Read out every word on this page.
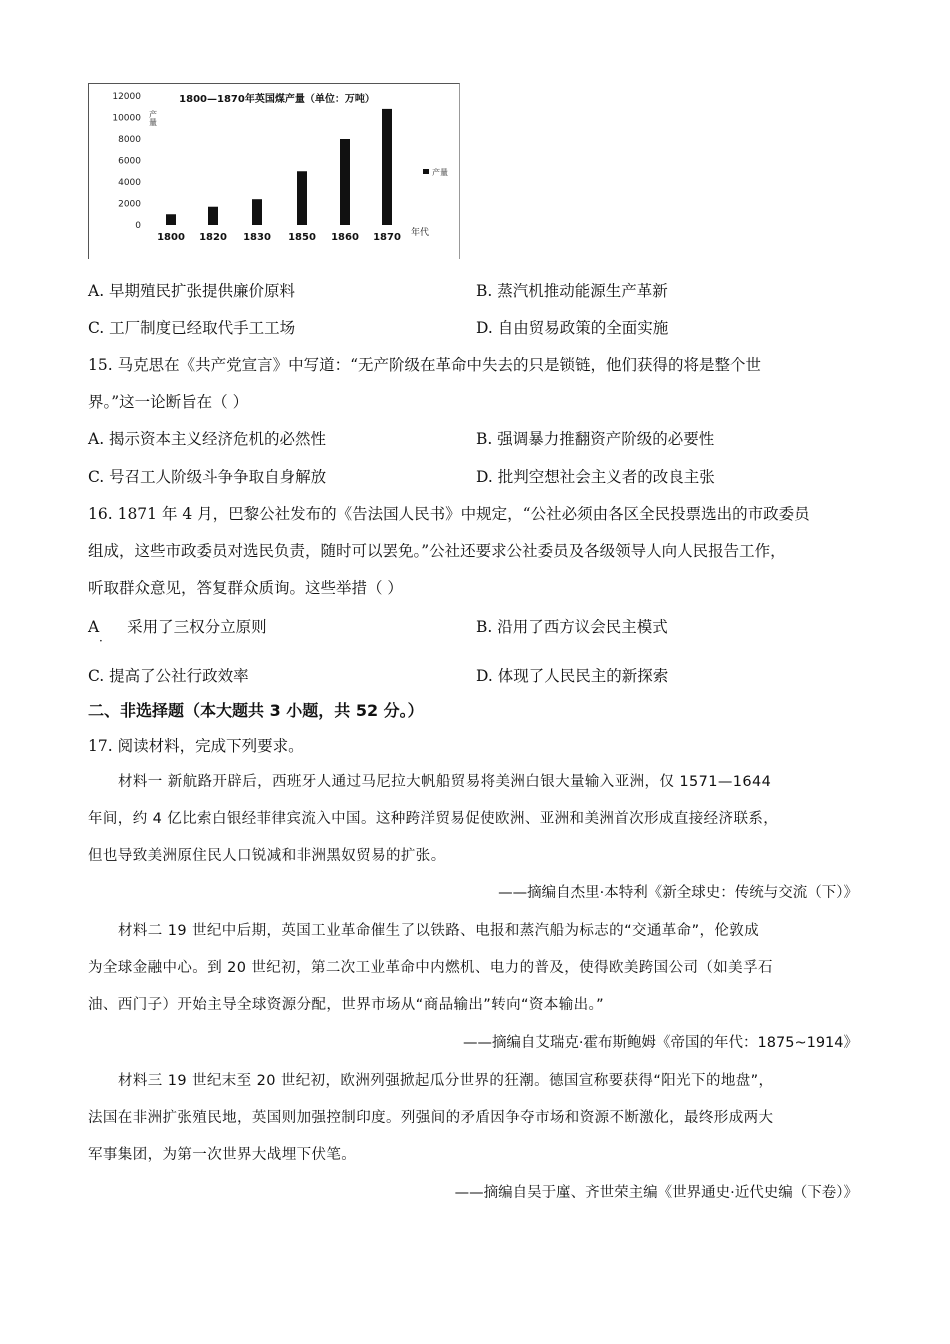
1800—1870年英国煤产量（单位：万吨）
0
2000
4000
6000
8000
10000
12000
产量
1800 1820 1830 1850 1860 1870 年代
产量
A. 早期殖民扩张提供廉价原料	B. 蒸汽机推动能源生产革新
C. 工厂制度已经取代手工工场	D. 自由贸易政策的全面实施
15. 马克思在《共产党宣言》中写道：“无产阶级在革命中失去的只是锁链，他们获得的将是整个世
界。”这一论断旨在（ ）
A. 揭示资本主义经济危机的必然性	B. 强调暴力推翻资产阶级的必要性
C. 号召工人阶级斗争争取自身解放	D. 批判空想社会主义者的改良主张
16. 1871 年 4 月，巴黎公社发布的《告法国人民书》中规定，“公社必须由各区全民投票选出的市政委员
组成，这些市政委员对选民负责，随时可以罢免。”公社还要求公社委员及各级领导人向人民报告工作，
听取群众意见，答复群众质询。这些举措（ ）
A 采用了三权分立原则
·
B. 沿用了西方议会民主模式
C. 提高了公社行政效率	D. 体现了人民民主的新探索
二、非选择题（本大题共 3 小题，共 52 分。）
17. 阅读材料，完成下列要求。
材料一 新航路开辟后，西班牙人通过马尼拉大帆船贸易将美洲白银大量输入亚洲，仅 1571—1644
年间，约 4 亿比索白银经菲律宾流入中国。这种跨洋贸易促使欧洲、亚洲和美洲首次形成直接经济联系，
但也导致美洲原住民人口锐减和非洲黑奴贸易的扩张。
——摘编自杰里·本特利《新全球史：传统与交流（下）》
材料二 19 世纪中后期，英国工业革命催生了以铁路、电报和蒸汽船为标志的“交通革命”，伦敦成
为全球金融中心。到 20 世纪初，第二次工业革命中内燃机、电力的普及，使得欧美跨国公司（如美孚石
油、西门子）开始主导全球资源分配，世界市场从“商品输出”转向“资本输出。”
——摘编自艾瑞克·霍布斯鲍姆《帝国的年代：1875~1914》
材料三 19 世纪末至 20 世纪初，欧洲列强掀起瓜分世界的狂潮。德国宣称要获得“阳光下的地盘”，
法国在非洲扩张殖民地，英国则加强控制印度。列强间的矛盾因争夺市场和资源不断激化，最终形成两大
军事集团，为第一次世界大战埋下伏笔。
——摘编自吴于廑、齐世荣主编《世界通史·近代史编（下卷）》
